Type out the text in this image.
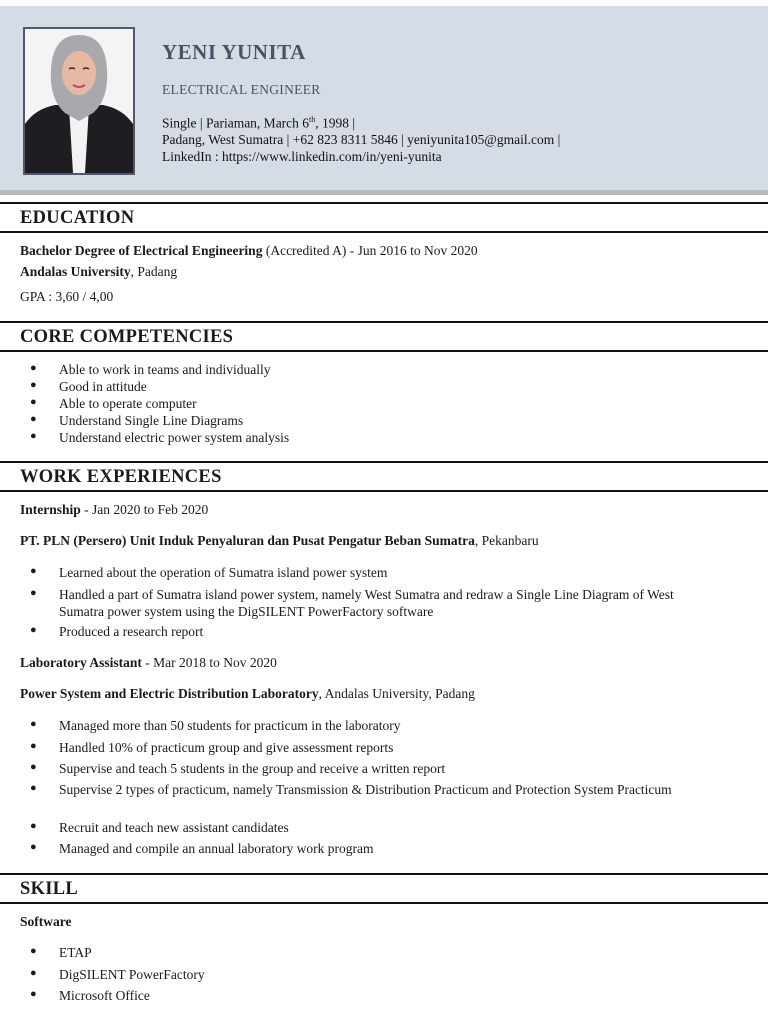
YENI YUNITA
ELECTRICAL ENGINEER
Single | Pariaman, March 6th, 1998 |
Padang, West Sumatra | +62 823 8311 5846 | yeniyunita105@gmail.com |
LinkedIn : https://www.linkedin.com/in/yeni-yunita
EDUCATION
Bachelor Degree of Electrical Engineering (Accredited A) - Jun 2016 to Nov 2020
Andalas University, Padang
GPA : 3,60 / 4,00
CORE COMPETENCIES
● Able to work in teams and individually
● Good in attitude
● Able to operate computer
● Understand Single Line Diagrams
● Understand electric power system analysis
WORK EXPERIENCES
Internship - Jan 2020 to Feb 2020
PT. PLN (Persero) Unit Induk Penyaluran dan Pusat Pengatur Beban Sumatra, Pekanbaru
● Learned about the operation of Sumatra island power system
● Handled a part of Sumatra island power system, namely West Sumatra and redraw a Single Line Diagram of West Sumatra power system using the DigSILENT PowerFactory software
● Produced a research report
Laboratory Assistant - Mar 2018 to Nov 2020
Power System and Electric Distribution Laboratory, Andalas University, Padang
● Managed more than 50 students for practicum in the laboratory
● Handled 10% of practicum group and give assessment reports
● Supervise and teach 5 students in the group and receive a written report
● Supervise 2 types of practicum, namely Transmission & Distribution Practicum and Protection System Practicum
● Recruit and teach new assistant candidates
● Managed and compile an annual laboratory work program
SKILL
Software
● ETAP
● DigSILENT PowerFactory
● Microsoft Office
